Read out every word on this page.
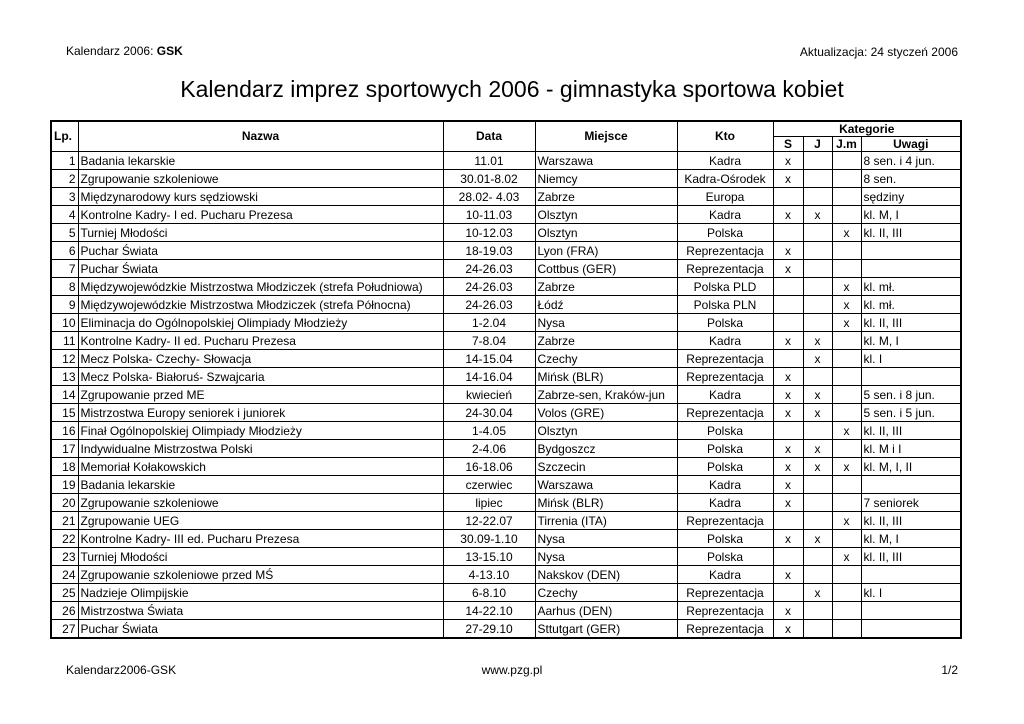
Kalendarz 2006: GSK	Aktualizacja: 24 styczeń 2006
Kalendarz imprez sportowych 2006 - gimnastyka sportowa kobiet
Lp.	Nazwa	Data	Miejsce	Kto	Kategorie			
					S	J	J.m	Uwagi
1	Badania lekarskie	11.01	Warszawa	Kadra	x			8 sen. i 4 jun.
2	Zgrupowanie szkoleniowe	30.01-8.02	Niemcy	Kadra-Ośrodek	x			8 sen.
3	Międzynarodowy kurs sędziowski	28.02- 4.03	Zabrze	Europa				sędziny
4	Kontrolne Kadry- I ed. Pucharu Prezesa	10-11.03	Olsztyn	Kadra	x	x		kl. M, I
5	Turniej Młodości	10-12.03	Olsztyn	Polska			x	kl. II, III
6	Puchar Świata	18-19.03	Lyon (FRA)	Reprezentacja	x			
7	Puchar Świata	24-26.03	Cottbus (GER)	Reprezentacja	x			
8	Międzywojewódzkie Mistrzostwa Młodziczek (strefa Południowa)	24-26.03	Zabrze	Polska PLD			x	kl. mł.
9	Międzywojewódzkie Mistrzostwa Młodziczek (strefa Północna)	24-26.03	Łódź	Polska PLN			x	kl. mł.
10	Eliminacja do Ogólnopolskiej Olimpiady Młodzieży	1-2.04	Nysa	Polska			x	kl. II, III
11	Kontrolne Kadry- II ed. Pucharu Prezesa	7-8.04	Zabrze	Kadra	x	x		kl. M, I
12	Mecz Polska- Czechy- Słowacja	14-15.04	Czechy	Reprezentacja		x		kl. I
13	Mecz Polska- Białoruś- Szwajcaria	14-16.04	Mińsk (BLR)	Reprezentacja	x			
14	Zgrupowanie przed ME	kwiecień	Zabrze-sen, Kraków-jun	Kadra	x	x		5 sen. i 8 jun.
15	Mistrzostwa Europy seniorek i juniorek	24-30.04	Volos (GRE)	Reprezentacja	x	x		5 sen. i 5 jun.
16	Finał Ogólnopolskiej Olimpiady Młodzieży	1-4.05	Olsztyn	Polska			x	kl. II, III
17	Indywidualne Mistrzostwa Polski	2-4.06	Bydgoszcz	Polska	x	x		kl. M i I
18	Memoriał Kołakowskich	16-18.06	Szczecin	Polska	x	x	x	kl. M, I, II
19	Badania lekarskie	czerwiec	Warszawa	Kadra	x			
20	Zgrupowanie szkoleniowe	lipiec	Mińsk (BLR)	Kadra	x			7 seniorek
21	Zgrupowanie UEG	12-22.07	Tirrenia (ITA)	Reprezentacja			x	kl. II, III
22	Kontrolne Kadry- III ed. Pucharu Prezesa	30.09-1.10	Nysa	Polska	x	x		kl. M, I
23	Turniej Młodości	13-15.10	Nysa	Polska			x	kl. II, III
24	Zgrupowanie szkoleniowe przed MŚ	4-13.10	Nakskov (DEN)	Kadra	x			
25	Nadzieje Olimpijskie	6-8.10	Czechy	Reprezentacja		x		kl. I
26	Mistrzostwa Świata	14-22.10	Aarhus (DEN)	Reprezentacja	x			
27	Puchar Świata	27-29.10	Sttutgart (GER)	Reprezentacja	x			
Kalendarz2006-GSK	www.pzg.pl	1/2
